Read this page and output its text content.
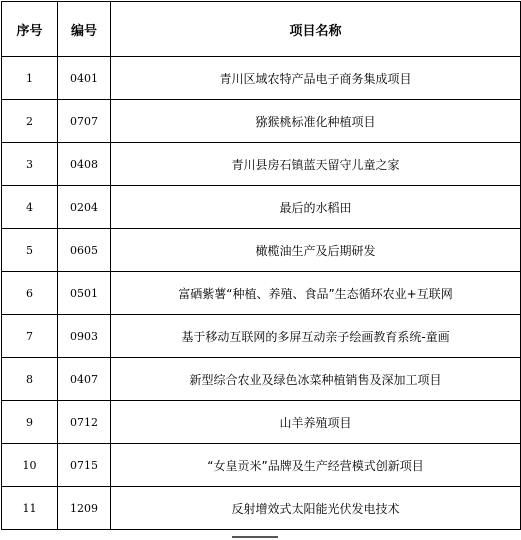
序号	编号	项目名称
1	0401	青川区域农特产品电子商务集成项目
2	0707	猕猴桃标准化种植项目
3	0408	青川县房石镇蓝天留守儿童之家
4	0204	最后的水稻田
5	0605	橄榄油生产及后期研发
6	0501	富硒紫薯“种植、养殖、食品”生态循环农业+互联网
7	0903	基于移动互联网的多屏互动亲子绘画教育系统-童画
8	0407	新型综合农业及绿色冰菜种植销售及深加工项目
9	0712	山羊养殖项目
10	0715	“女皇贡米”品牌及生产经营模式创新项目
11	1209	反射增效式太阳能光伏发电技术
